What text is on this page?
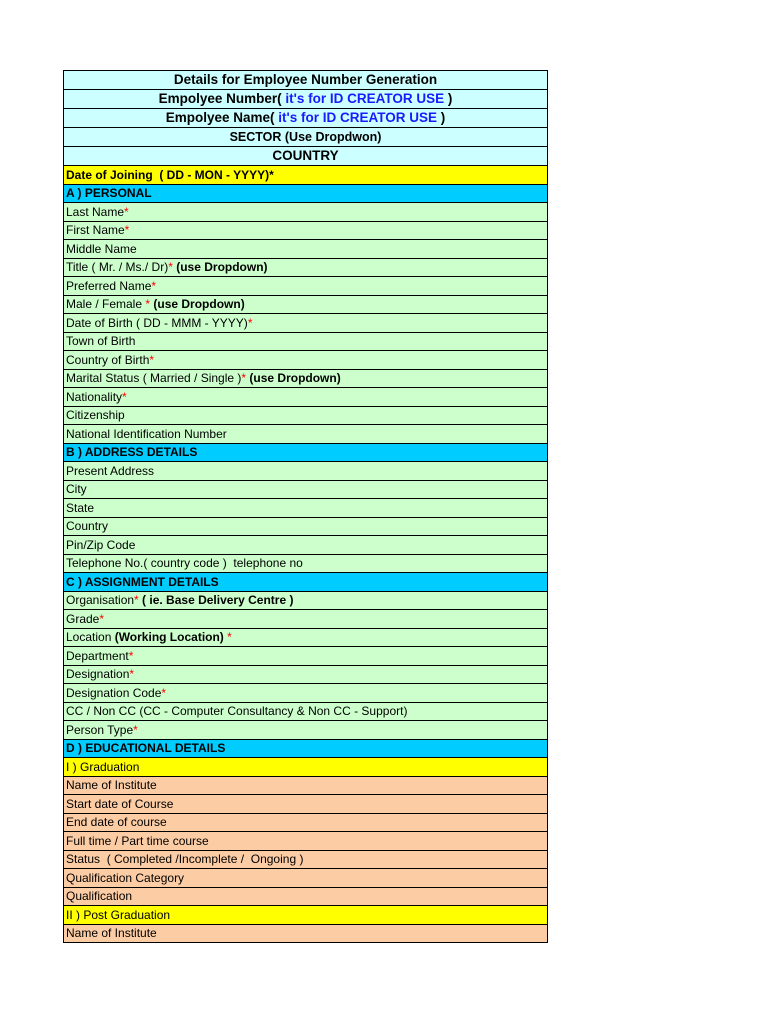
Details for Employee Number Generation
Empolyee Number( it's for ID CREATOR USE )
Empolyee Name( it's for ID CREATOR USE )
SECTOR (Use Dropdwon)
COUNTRY
Date of Joining  ( DD - MON - YYYY)*
A ) PERSONAL
Last Name*
First Name*
Middle Name
Title ( Mr. / Ms./ Dr)* (use Dropdown)
Preferred Name*
Male / Female * (use Dropdown)
Date of Birth ( DD - MMM - YYYY)*
Town of Birth
Country of Birth*
Marital Status ( Married / Single )* (use Dropdown)
Nationality*
Citizenship
National Identification Number
B ) ADDRESS DETAILS
Present Address
City
State
Country
Pin/Zip Code
Telephone No.( country code )  telephone no
C ) ASSIGNMENT DETAILS
Organisation* ( ie. Base Delivery Centre )
Grade*
Location (Working Location) *
Department*
Designation*
Designation Code*
CC / Non CC (CC - Computer Consultancy & Non CC - Support)
Person Type*
D ) EDUCATIONAL DETAILS
I ) Graduation
Name of Institute
Start date of Course
End date of course
Full time / Part time course
Status  ( Completed /Incomplete /  Ongoing )
Qualification Category
Qualification
II ) Post Graduation
Name of Institute
